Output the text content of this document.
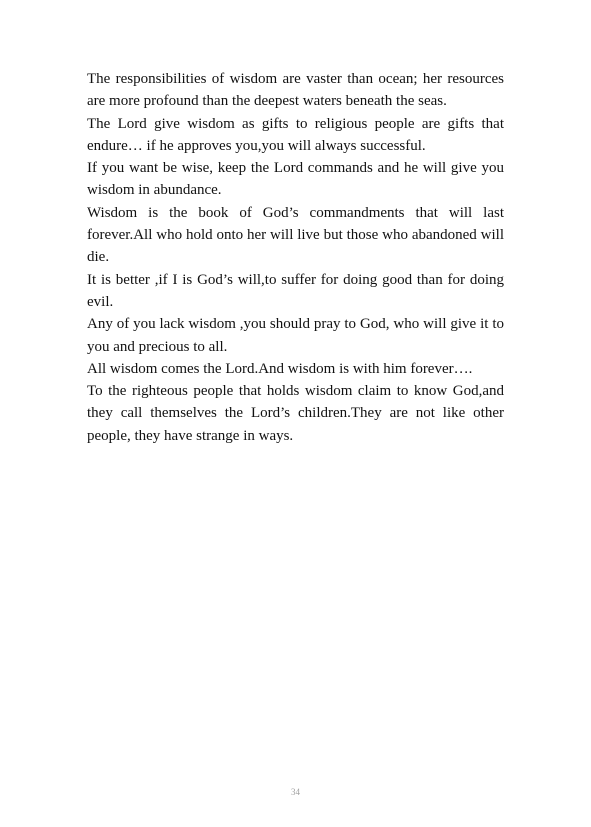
The responsibilities of wisdom are vaster than ocean; her resources are more profound than the deepest waters beneath the seas.

The Lord give wisdom as gifts to religious people are gifts that endure… if he approves you,you will always successful.

If you want be wise, keep the Lord commands and he will give you wisdom in abundance.

Wisdom is the book of God’s commandments that will last forever.All who hold onto her will live but those who abandoned will die.

It is better ,if I is God’s will,to suffer for doing good than for doing evil.

Any of you lack wisdom ,you should pray to God, who will give it to you and precious to all.

All wisdom comes the Lord.And wisdom is with him forever….

To the righteous people that holds wisdom claim to know God,and they call themselves the Lord’s children.They are not like other people, they have strange in ways.

34
